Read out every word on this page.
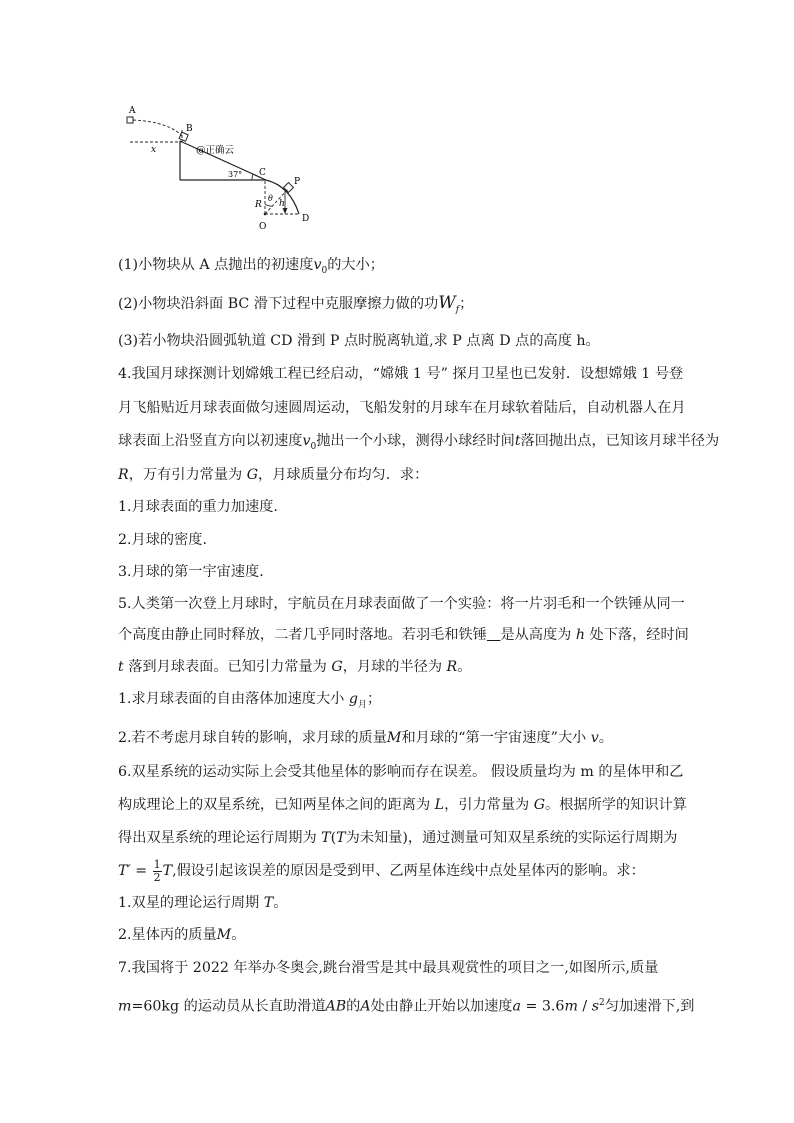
A
B
x	@正确云
37° C
P
R
θ
h
O
D
(1)小物块从 A 点抛出的初速度$v_0$的大小；
(2)小物块沿斜面 BC 滑下过程中克服摩擦力做的功$W_f$；
(3)若小物块沿圆弧轨道 CD 滑到 P 点时脱离轨道,求 P 点离 D 点的高度 h。
4.我国月球探测计划嫦娥工程已经启动，“嫦娥 1 号” 探月卫星也已发射．设想嫦娥 1 号登
月飞船贴近月球表面做匀速圆周运动，飞船发射的月球车在月球软着陆后，自动机器人在月
球表面上沿竖直方向以初速度$v_0$抛出一个小球，测得小球经时间t落回抛出点，已知该月球半径为
R，万有引力常量为 G，月球质量分布均匀．求：
1.月球表面的重力加速度.
2.月球的密度.
3.月球的第一宇宙速度．
5.人类第一次登上月球时，宇航员在月球表面做了一个实验：将一片羽毛和一个铁锤从同一
个高度由静止同时释放，二者几乎同时落地。若羽毛和铁锤 是从高度为 h 处下落，经时间
t 落到月球表面。已知引力常量为 G，月球的半径为 R。
1.求月球表面的自由落体加速度大小 $g_月$；
2.若不考虑月球自转的影响，求月球的质量M和月球的“第一宇宙速度”大小 v。
6.双星系统的运动实际上会受其他星体的影响而存在误差。 假设质量均为 m 的星体甲和乙
构成理论上的双星系统，已知两星体之间的距离为 L，引力常量为 G。根据所学的知识计算
得出双星系统的理论运行周期为 T(T为未知量)，通过测量可知双星系统的实际运行周期为
$T' = \frac{1}{2} T$,假设引起该误差的原因是受到甲、乙两星体连线中点处星体丙的影响。求：
1.双星的理论运行周期 T。
2.星体丙的质量M。
7.我国将于 2022 年举办冬奥会,跳台滑雪是其中最具观赏性的项目之一,如图所示,质量
m=60kg 的运动员从长直助滑道AB的A处由静止开始以加速度$a = 3.6m / s^2$匀加速滑下,到
